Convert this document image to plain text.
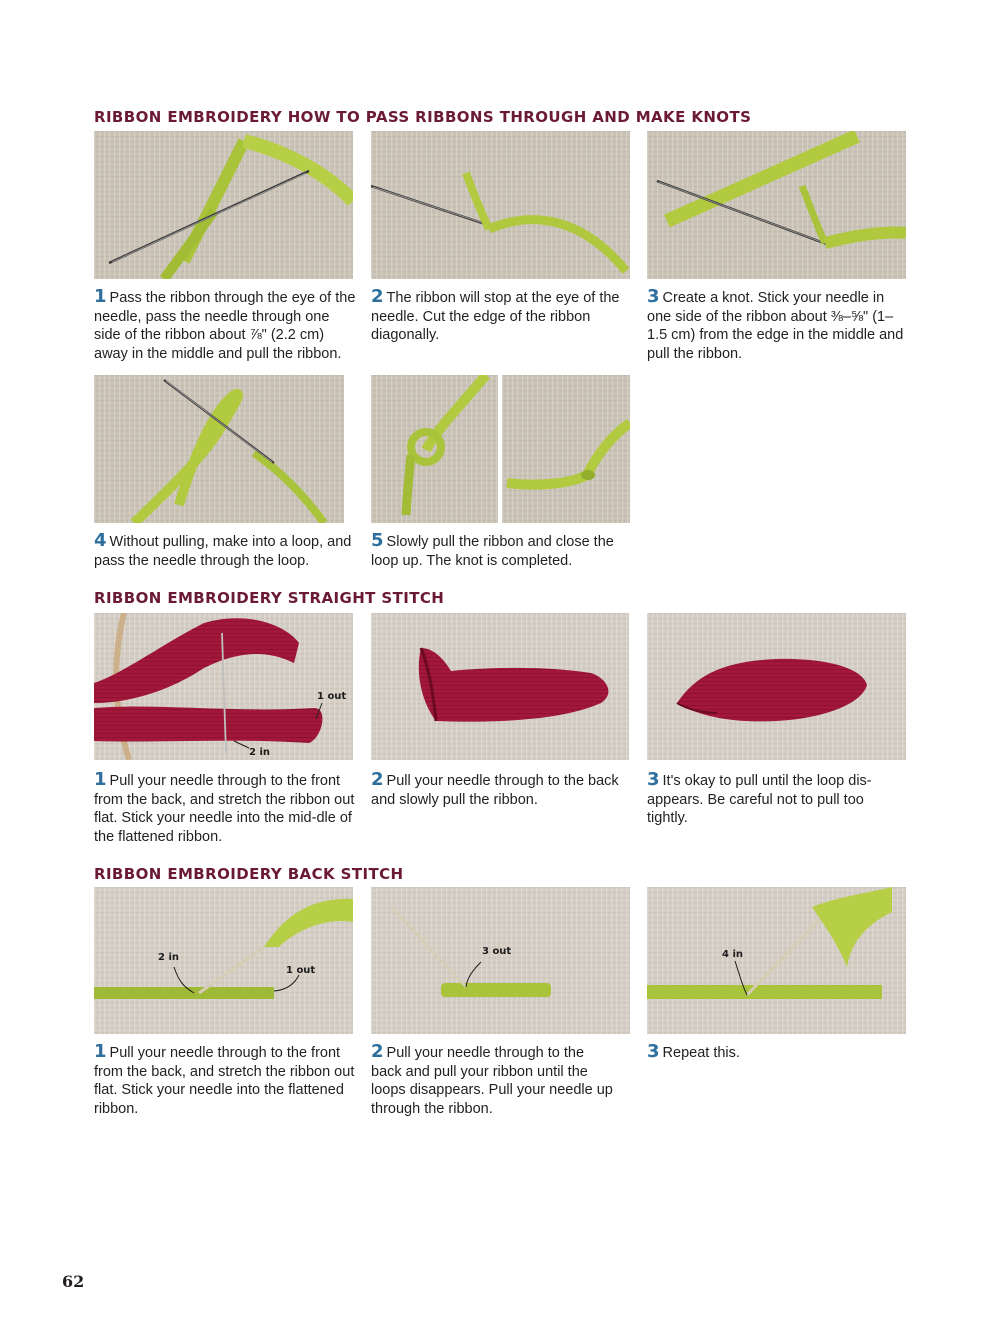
RIBBON EMBROIDERY HOW TO PASS RIBBONS THROUGH AND MAKE KNOTS

1 Pass the ribbon through the eye of the needle, pass the needle through one side of the ribbon about ⅞" (2.2 cm) away in the middle and pull the ribbon.

2 The ribbon will stop at the eye of the needle. Cut the edge of the ribbon diagonally.

3 Create a knot. Stick your needle in one side of the ribbon about ⅜–⅝" (1–1.5 cm) from the edge in the middle and pull the ribbon.

4 Without pulling, make into a loop, and pass the needle through the loop.

5 Slowly pull the ribbon and close the loop up. The knot is completed.

RIBBON EMBROIDERY STRAIGHT STITCH
1 out
2 in

1 Pull your needle through to the front from the back, and stretch the ribbon out flat. Stick your needle into the mid-dle of the flattened ribbon.

2 Pull your needle through to the back and slowly pull the ribbon.

3 It's okay to pull until the loop dis-appears. Be careful not to pull too tightly.

RIBBON EMBROIDERY BACK STITCH
2 in
1 out
3 out	4 in

1 Pull your needle through to the front from the back, and stretch the ribbon out flat. Stick your needle into the flattened ribbon.

2 Pull your needle through to the back and pull your ribbon until the loops disappears. Pull your needle up through the ribbon.

3 Repeat this.

62
